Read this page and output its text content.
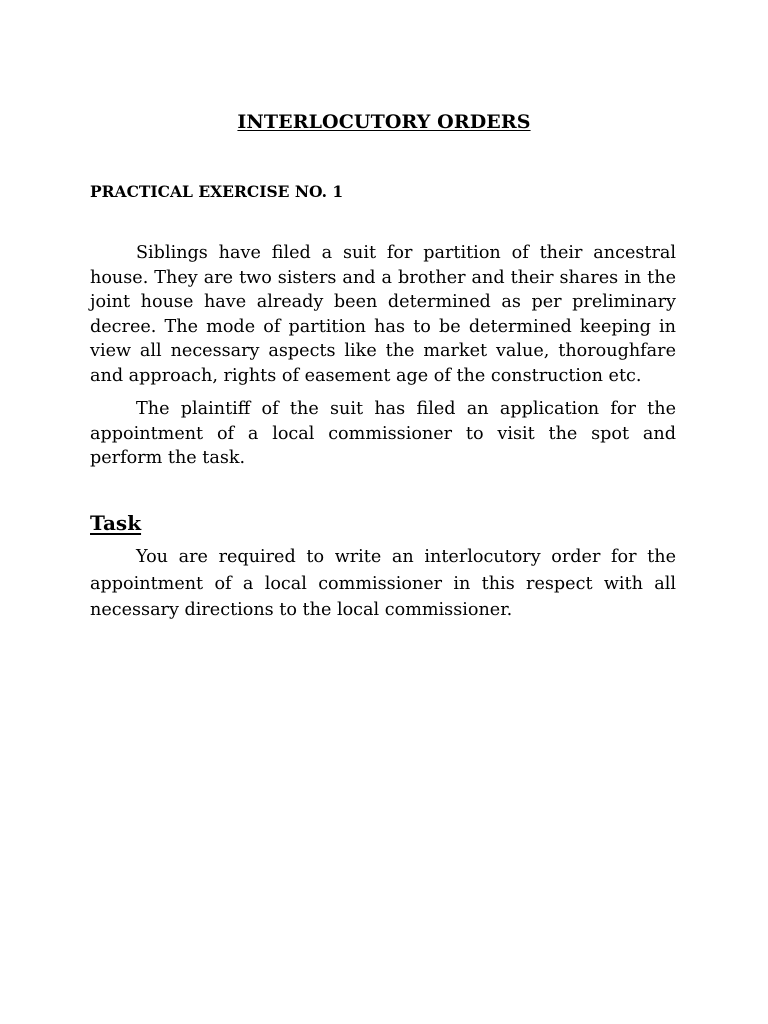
INTERLOCUTORY ORDERS
PRACTICAL EXERCISE NO. 1

Siblings have filed a suit for partition of their ancestral house. They are two sisters and a brother and their shares in the joint house have already been determined as per preliminary decree. The mode of partition has to be determined keeping in view all necessary aspects like the market value, thoroughfare and approach, rights of easement age of the construction etc.

The plaintiff of the suit has filed an application for the appointment of a local commissioner to visit the spot and perform the task.

Task

You are required to write an interlocutory order for the appointment of a local commissioner in this respect with all necessary directions to the local commissioner.
